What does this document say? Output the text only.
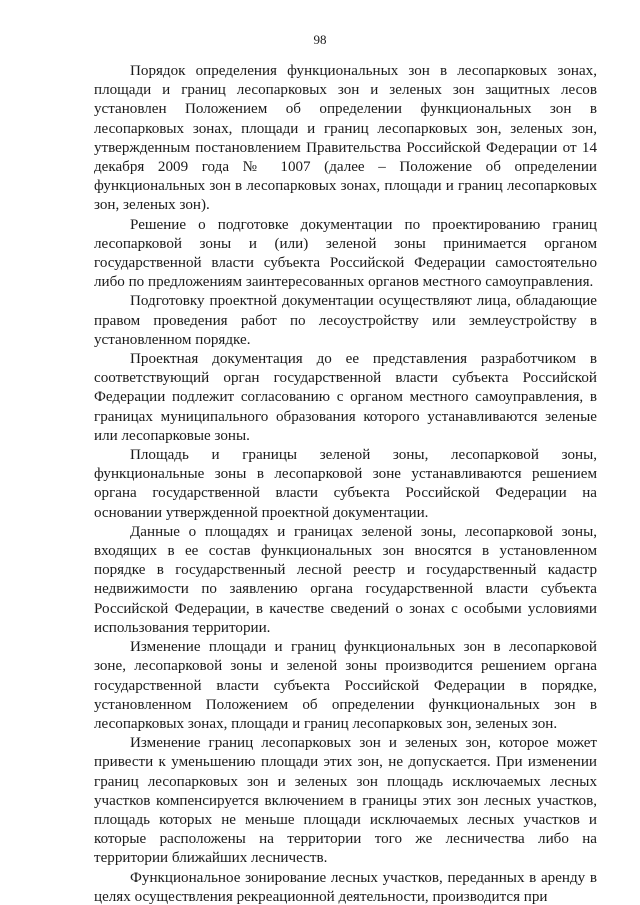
98

Порядок определения функциональных зон в лесопарковых зонах, площади и границ лесопарковых зон и зеленых зон защитных лесов установлен Положением об определении функциональных зон в лесопарковых зонах, площади и границ лесопарковых зон, зеленых зон, утвержденным постановлением Правительства Российской Федерации от 14 декабря 2009 года № 1007 (далее – Положение об определении функциональных зон в лесопарковых зонах, площади и границ лесопарковых зон, зеленых зон).

Решение о подготовке документации по проектированию границ лесопарковой зоны и (или) зеленой зоны принимается органом государственной власти субъекта Российской Федерации самостоятельно либо по предложениям заинтересованных органов местного самоуправления.

Подготовку проектной документации осуществляют лица, обладающие правом проведения работ по лесоустройству или землеустройству в установленном порядке.

Проектная документация до ее представления разработчиком в соответствующий орган государственной власти субъекта Российской Федерации подлежит согласованию с органом местного самоуправления, в границах муниципального образования которого устанавливаются зеленые или лесопарковые зоны.

Площадь и границы зеленой зоны, лесопарковой зоны, функциональные зоны в лесопарковой зоне устанавливаются решением органа государственной власти субъекта Российской Федерации на основании утвержденной проектной документации.

Данные о площадях и границах зеленой зоны, лесопарковой зоны, входящих в ее состав функциональных зон вносятся в установленном порядке в государственный лесной реестр и государственный кадастр недвижимости по заявлению органа государственной власти субъекта Российской Федерации, в качестве сведений о зонах с особыми условиями использования территории.

Изменение площади и границ функциональных зон в лесопарковой зоне, лесопарковой зоны и зеленой зоны производится решением органа государственной власти субъекта Российской Федерации в порядке, установленном Положением об определении функциональных зон в лесопарковых зонах, площади и границ лесопарковых зон, зеленых зон.

Изменение границ лесопарковых зон и зеленых зон, которое может привести к уменьшению площади этих зон, не допускается. При изменении границ лесопарковых зон и зеленых зон площадь исключаемых лесных участков компенсируется включением в границы этих зон лесных участков, площадь которых не меньше площади исключаемых лесных участков и которые расположены на территории того же лесничества либо на территории ближайших лесничеств.

Функциональное зонирование лесных участков, переданных в аренду в целях осуществления рекреационной деятельности, производится при
